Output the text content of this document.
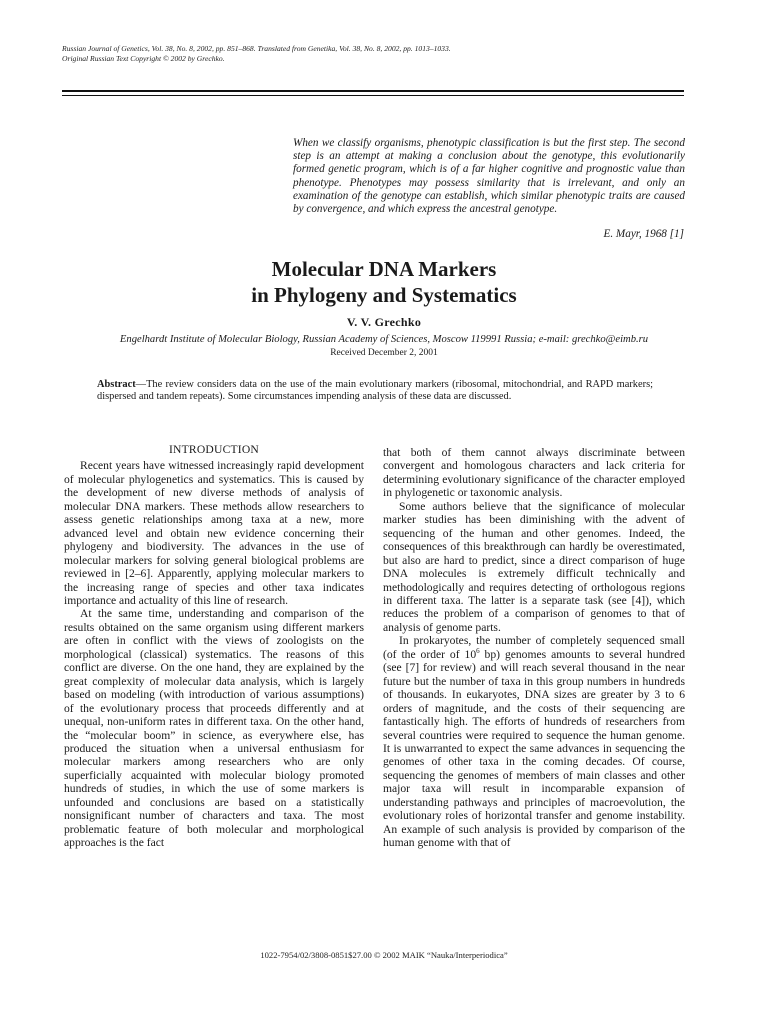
Russian Journal of Genetics, Vol. 38, No. 8, 2002, pp. 851–868. Translated from Genetika, Vol. 38, No. 8, 2002, pp. 1013–1033.
Original Russian Text Copyright © 2002 by Grechko.
When we classify organisms, phenotypic classification is but the first step. The second step is an attempt at making a conclusion about the genotype, this evolutionarily formed genetic program, which is of a far higher cognitive and prognostic value than phenotype. Phenotypes may possess similarity that is irrelevant, and only an examination of the genotype can establish, which similar phenotypic traits are caused by convergence, and which express the ancestral genotype.
E. Mayr, 1968 [1]
Molecular DNA Markers
in Phylogeny and Systematics
V. V. Grechko
Engelhardt Institute of Molecular Biology, Russian Academy of Sciences, Moscow 119991 Russia; e-mail: grechko@eimb.ru
Received December 2, 2001
Abstract—The review considers data on the use of the main evolutionary markers (ribosomal, mitochondrial, and RAPD markers; dispersed and tandem repeats). Some circumstances impending analysis of these data are discussed.
INTRODUCTION

Recent years have witnessed increasingly rapid development of molecular phylogenetics and systematics. This is caused by the development of new diverse methods of analysis of molecular DNA markers. These methods allow researchers to assess genetic relationships among taxa at a new, more advanced level and obtain new evidence concerning their phylogeny and biodiversity. The advances in the use of molecular markers for solving general biological problems are reviewed in [2–6]. Apparently, applying molecular markers to the increasing range of species and other taxa indicates importance and actuality of this line of research.

At the same time, understanding and comparison of the results obtained on the same organism using different markers are often in conflict with the views of zoologists on the morphological (classical) systematics. The reasons of this conflict are diverse. On the one hand, they are explained by the great complexity of molecular data analysis, which is largely based on modeling (with introduction of various assumptions) of the evolutionary process that proceeds differently and at unequal, non-uniform rates in different taxa. On the other hand, the “molecular boom” in science, as everywhere else, has produced the situation when a universal enthusiasm for molecular markers among researchers who are only superficially acquainted with molecular biology promoted hundreds of studies, in which the use of some markers is unfounded and conclusions are based on a statistically nonsignificant number of characters and taxa. The most problematic feature of both molecular and morphological approaches is the fact

that both of them cannot always discriminate between convergent and homologous characters and lack criteria for determining evolutionary significance of the character employed in phylogenetic or taxonomic analysis.

Some authors believe that the significance of molecular marker studies has been diminishing with the advent of sequencing of the human and other genomes. Indeed, the consequences of this breakthrough can hardly be overestimated, but also are hard to predict, since a direct comparison of huge DNA molecules is extremely difficult technically and methodologically and requires detecting of orthologous regions in different taxa. The latter is a separate task (see [4]), which reduces the problem of a comparison of genomes to that of analysis of genome parts.

In prokaryotes, the number of completely sequenced small (of the order of $10^6$ bp) genomes amounts to several hundred (see [7] for review) and will reach several thousand in the near future but the number of taxa in this group numbers in hundreds of thousands. In eukaryotes, DNA sizes are greater by 3 to 6 orders of magnitude, and the costs of their sequencing are fantastically high. The efforts of hundreds of researchers from several countries were required to sequence the human genome. It is unwarranted to expect the same advances in sequencing the genomes of other taxa in the coming decades. Of course, sequencing the genomes of members of main classes and other major taxa will result in incomparable expansion of understanding pathways and principles of macroevolution, the evolutionary roles of horizontal transfer and genome instability. An example of such analysis is provided by comparison of the human genome with that of

1022-7954/02/3808-0851$27.00 © 2002 MAIK “Nauka/Interperiodica”
